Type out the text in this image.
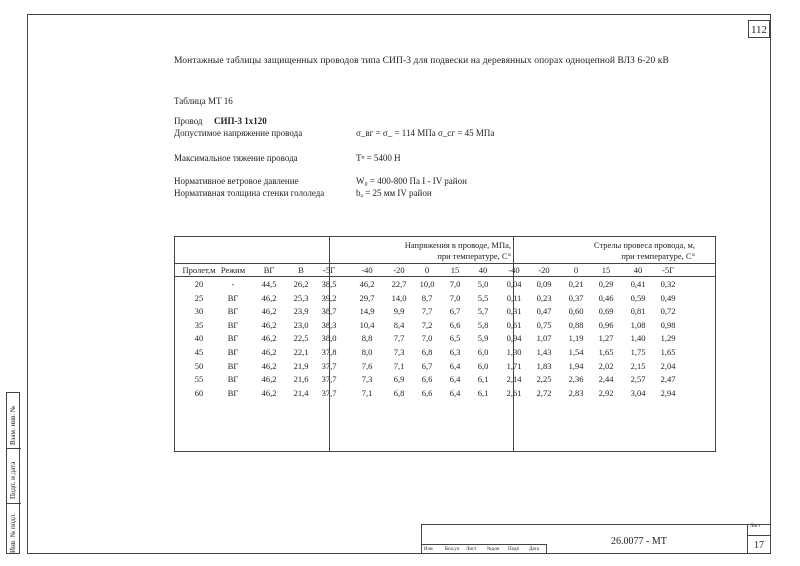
112
Инв. № подл.
Подп. и дата
Взам. инв. №
Монтажные таблицы защищенных проводов типа СИП-3 для подвески на деревянных опорах одноцепной ВЛЗ 6-20 кВ
Таблица МТ 16
Провод СИП-3 1х120
Допустимое напряжение провода	σ_вг = σ_ = 114 МПа σ_сг = 45 МПа
Максимальное тяжение провода	Tⁿ = 5400 Н
Нормативное ветровое давление	W₀ = 400-800 Па I - IV район
Нормативная толщина стенки гололеда	bₐ = 25 мм IV район
Напряжения в проводе, МПа,
при температуре, С°
Стрелы провеса провода, м,
при температуре, С°
Пролет,м Режим	ВГ	В	-5Г	-40	-20	0	15	40	-40	-20	0	15	40	-5Г
20	-	44,5	26,2	38,5	46,2	22,7	10,0	7,0	5,0	0,04	0,09	0,21	0,29	0,41	0,32
25	ВГ	46,2	25,3	39,2	29,7	14,0	8,7	7,0	5,5	0,11	0,23	0,37	0,46	0,59	0,49
30	ВГ	46,2	23,9	38,7	14,9	9,9	7,7	6,7	5,7	0,31	0,47	0,60	0,69	0,81	0,72
35	ВГ	46,2	23,0	38,3	10,4	8,4	7,2	6,6	5,8	0,61	0,75	0,88	0,96	1,08	0,98
40	ВГ	46,2	22,5	38,0	8,8	7,7	7,0	6,5	5,9	0,94	1,07	1,19	1,27	1,40	1,29
45	ВГ	46,2	22,1	37,8	8,0	7,3	6,8	6,3	6,0	1,30	1,43	1,54	1,65	1,75	1,65
50	ВГ	46,2	21,9	37,7	7,6	7,1	6,7	6,4	6,0	1,71	1,83	1,94	2,02	2,15	2,04
55	ВГ	46,2	21,6	37,7	7,3	6,9	6,6	6,4	6,1	2,14	2,25	2,36	2,44	2,57	2,47
60	ВГ	46,2	21,4	37,7	7,1	6,8	6,6	6,4	6,1	2,61	2,72	2,83	2,92	3,04	2,94
26.0077 - МТ
Лист
17
Изм Кол.уч Лист №док Подп Дата
